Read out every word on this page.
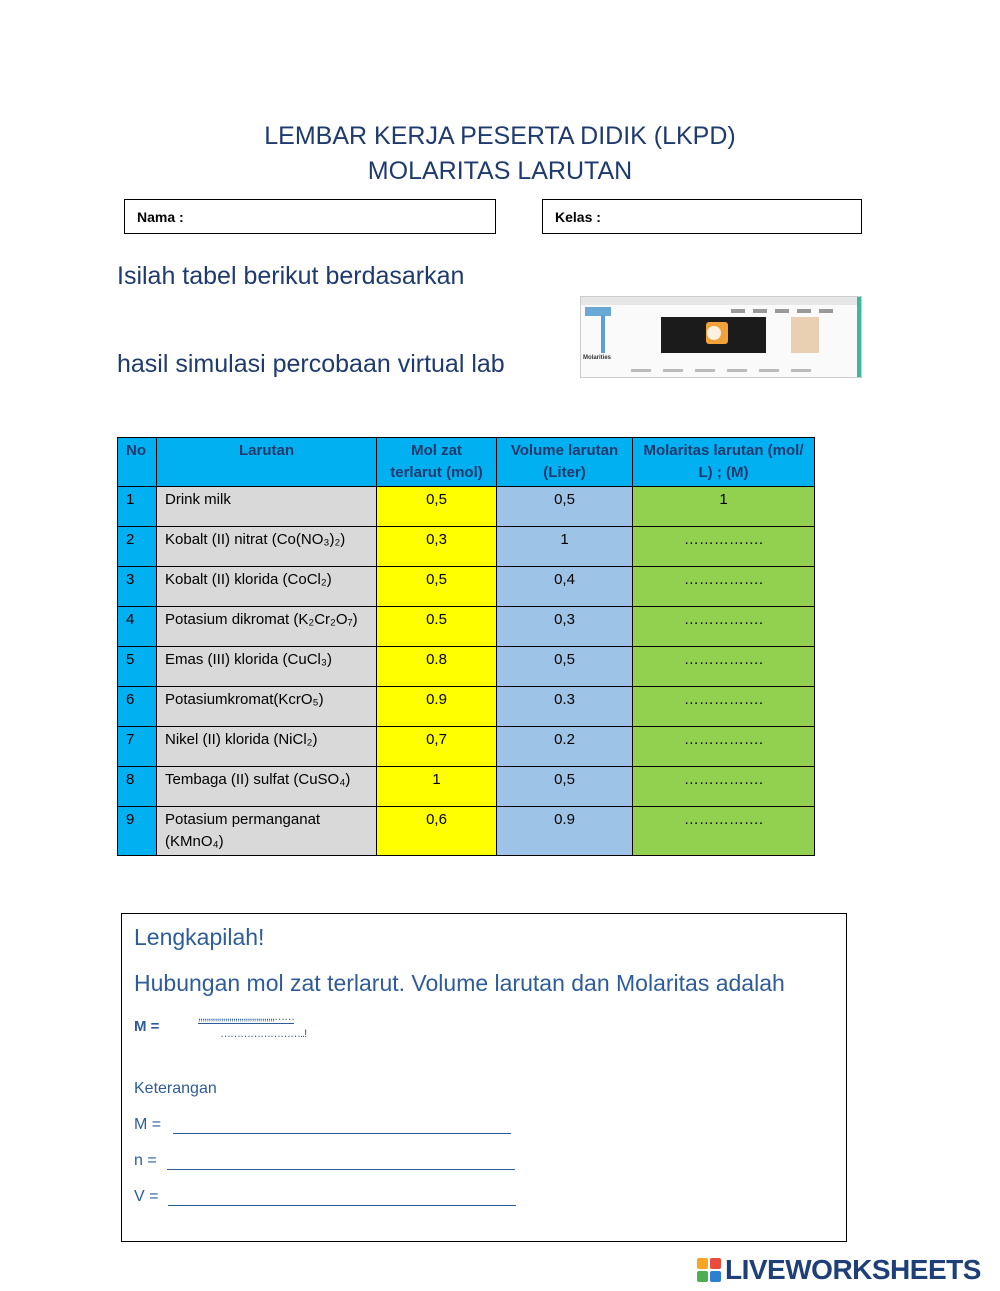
LEMBAR KERJA PESERTA DIDIK (LKPD)
MOLARITAS LARUTAN
Nama :	Kelas :
Isilah tabel berikut berdasarkan
hasil simulasi percobaan virtual lab	Molarities
No	Larutan	Mol zat terlarut (mol)	Volume larutan (Liter)	Molaritas larutan (mol/ L) ; (M)
1	Drink milk	0,5	0,5	1
2	Kobalt (II) nitrat (Co(NO₃)₂)	0,3	1	…………….
3	Kobalt (II) klorida (CoCl₂)	0,5	0,4	…………….
4	Potasium dikromat (K₂Cr₂O₇)	0.5	0,3	…………….
5	Emas (III) klorida (CuCl₃)	0.8	0,5	…………….
6	Potasiumkromat(KcrO₅)	0.9	0.3	…………….
7	Nikel (II) klorida (NiCl₂)	0,7	0.2	…………….
8	Tembaga (II) sulfat (CuSO₄)	1	0,5	…………….
9	Potasium permanganat (KMnO₄)	0,6	0.9	…………….
Lengkapilah!
Hubungan mol zat terlarut. Volume larutan dan Molaritas adalah
M =
,,,,,,,,,,,,,,,,,,,,,,,,,,,,,,,,,,,,,……
……………………..!
Keterangan
M =
n =
V =
LIVEWORKSHEETS
